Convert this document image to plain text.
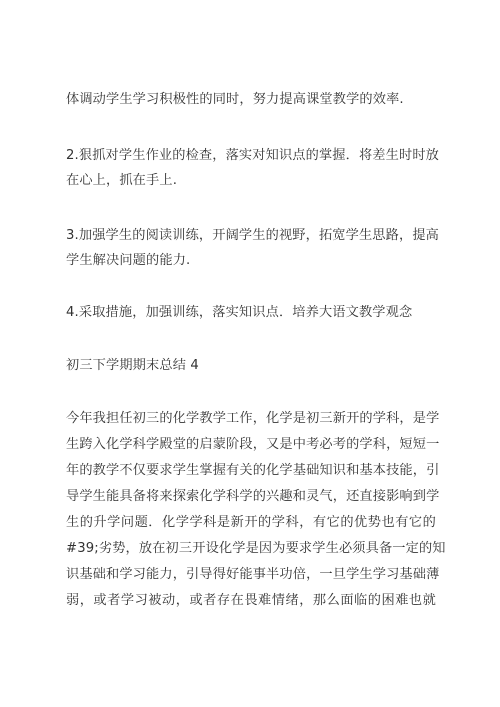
体调动学生学习积极性的同时，努力提高课堂教学的效率.
2.狠抓对学生作业的检查，落实对知识点的掌握．将差生时时放
在心上，抓在手上.
3.加强学生的阅读训练，开阔学生的视野，拓宽学生思路，提高
学生解决问题的能力.
4.采取措施，加强训练，落实知识点．培养大语文教学观念
初三下学期期末总结 4
今年我担任初三的化学教学工作，化学是初三新开的学科，是学
生跨入化学科学殿堂的启蒙阶段，又是中考必考的学科，短短一
年的教学不仅要求学生掌握有关的化学基础知识和基本技能，引
导学生能具备将来探索化学科学的兴趣和灵气，还直接影响到学
生的升学问题．化学学科是新开的学科，有它的优势也有它的
#39;劣势，放在初三开设化学是因为要求学生必须具备一定的知
识基础和学习能力，引导得好能事半功倍，一旦学生学习基础薄
弱，或者学习被动，或者存在畏难情绪，那么面临的困难也就
